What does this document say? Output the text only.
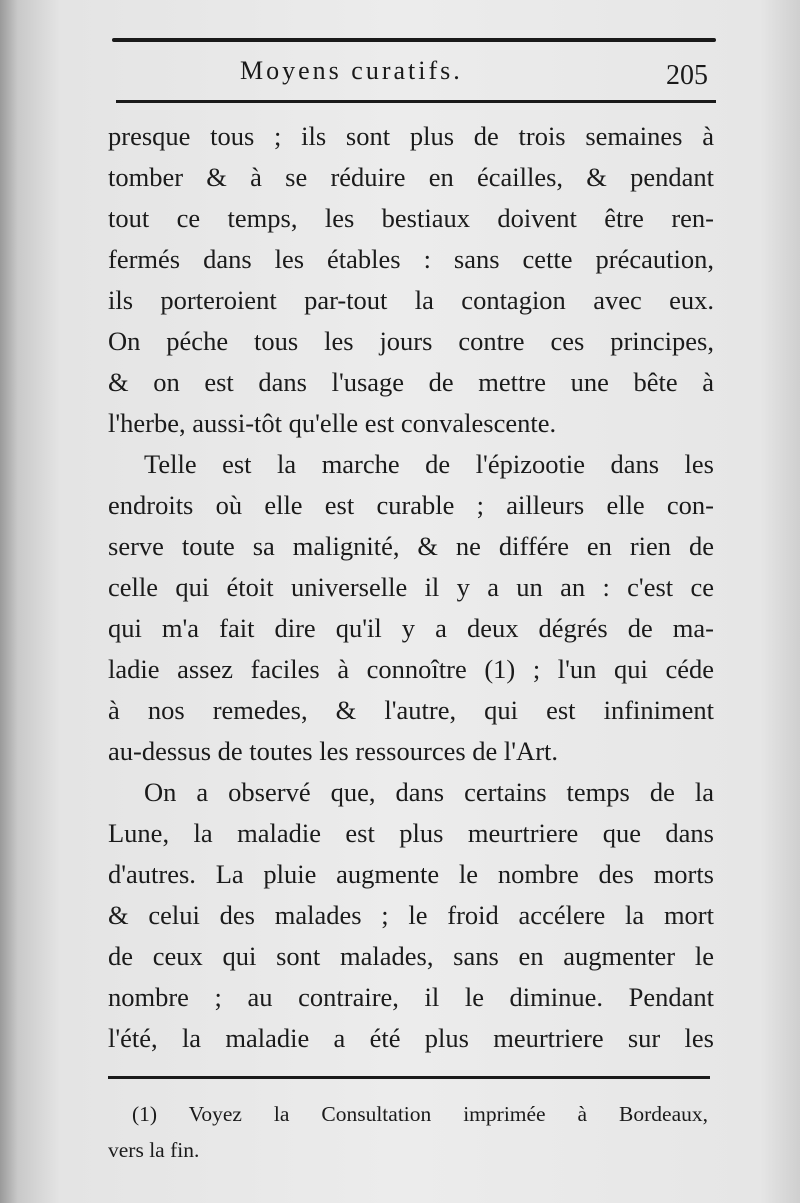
Moyens curatifs.	205
presque tous ; ils sont plus de trois semaines à
tomber & à se réduire en écailles, & pendant
tout ce temps, les bestiaux doivent être ren-
fermés dans les étables : sans cette précaution,
ils porteroient par-tout la contagion avec eux.
On péche tous les jours contre ces principes,
& on est dans l'usage de mettre une bête à
l'herbe, aussi-tôt qu'elle est convalescente.
Telle est la marche de l'épizootie dans les
endroits où elle est curable ; ailleurs elle con-
serve toute sa malignité, & ne différe en rien de
celle qui étoit universelle il y a un an : c'est ce
qui m'a fait dire qu'il y a deux dégrés de ma-
ladie assez faciles à connoître (1) ; l'un qui céde
à nos remedes, & l'autre, qui est infiniment
au-dessus de toutes les ressources de l'Art.
On a observé que, dans certains temps de la
Lune, la maladie est plus meurtriere que dans
d'autres. La pluie augmente le nombre des morts
& celui des malades ; le froid accélere la mort
de ceux qui sont malades, sans en augmenter le
nombre ; au contraire, il le diminue. Pendant
l'été, la maladie a été plus meurtriere sur les
(1) Voyez la Consultation imprimée à Bordeaux,
vers la fin.
